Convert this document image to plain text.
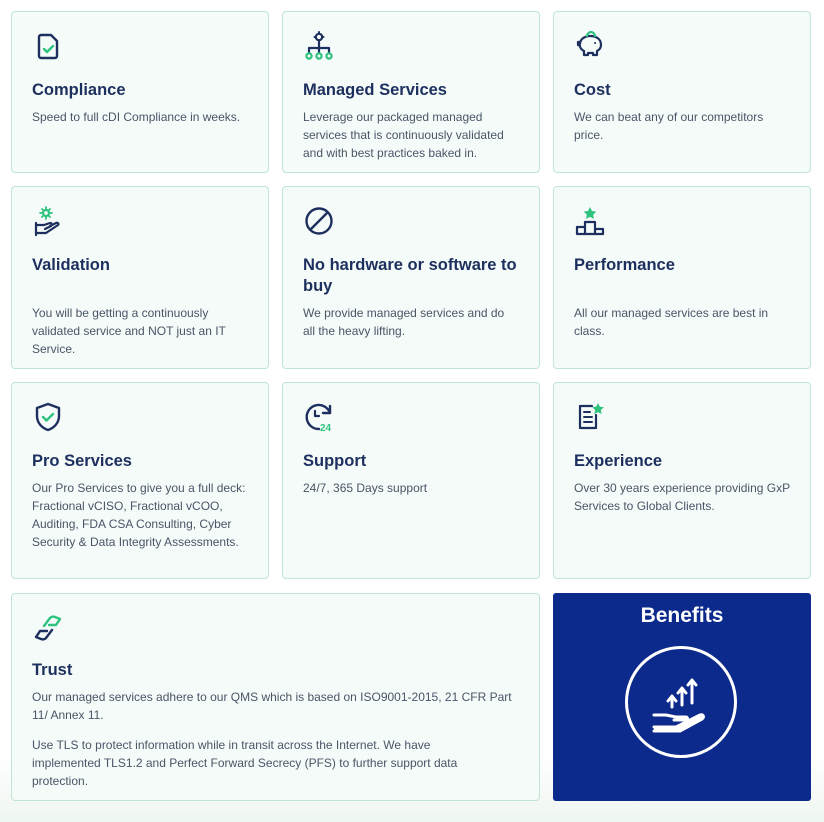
Compliance

Speed to full cDI Compliance in weeks.

Managed Services

Leverage our packaged managed services that is continuously validated and with best practices baked in.

Cost

We can beat any of our competitors price.

Validation

You will be getting a continuously validated service and NOT just an IT Service.

No hardware or software to buy

We provide managed services and do all the heavy lifting.

Performance

All our managed services are best in class.

Pro Services

Our Pro Services to give you a full deck: Fractional vCISO, Fractional vCOO, Auditing, FDA CSA Consulting, Cyber Security & Data Integrity Assessments.

24

Support

24/7, 365 Days support

Experience

Over 30 years experience providing GxP Services to Global Clients.

Trust

Our managed services adhere to our QMS which is based on ISO9001-2015, 21 CFR Part 11/ Annex 11.

Use TLS to protect information while in transit across the Internet. We have implemented TLS1.2 and Perfect Forward Secrecy (PFS) to further support data protection.

Benefits
